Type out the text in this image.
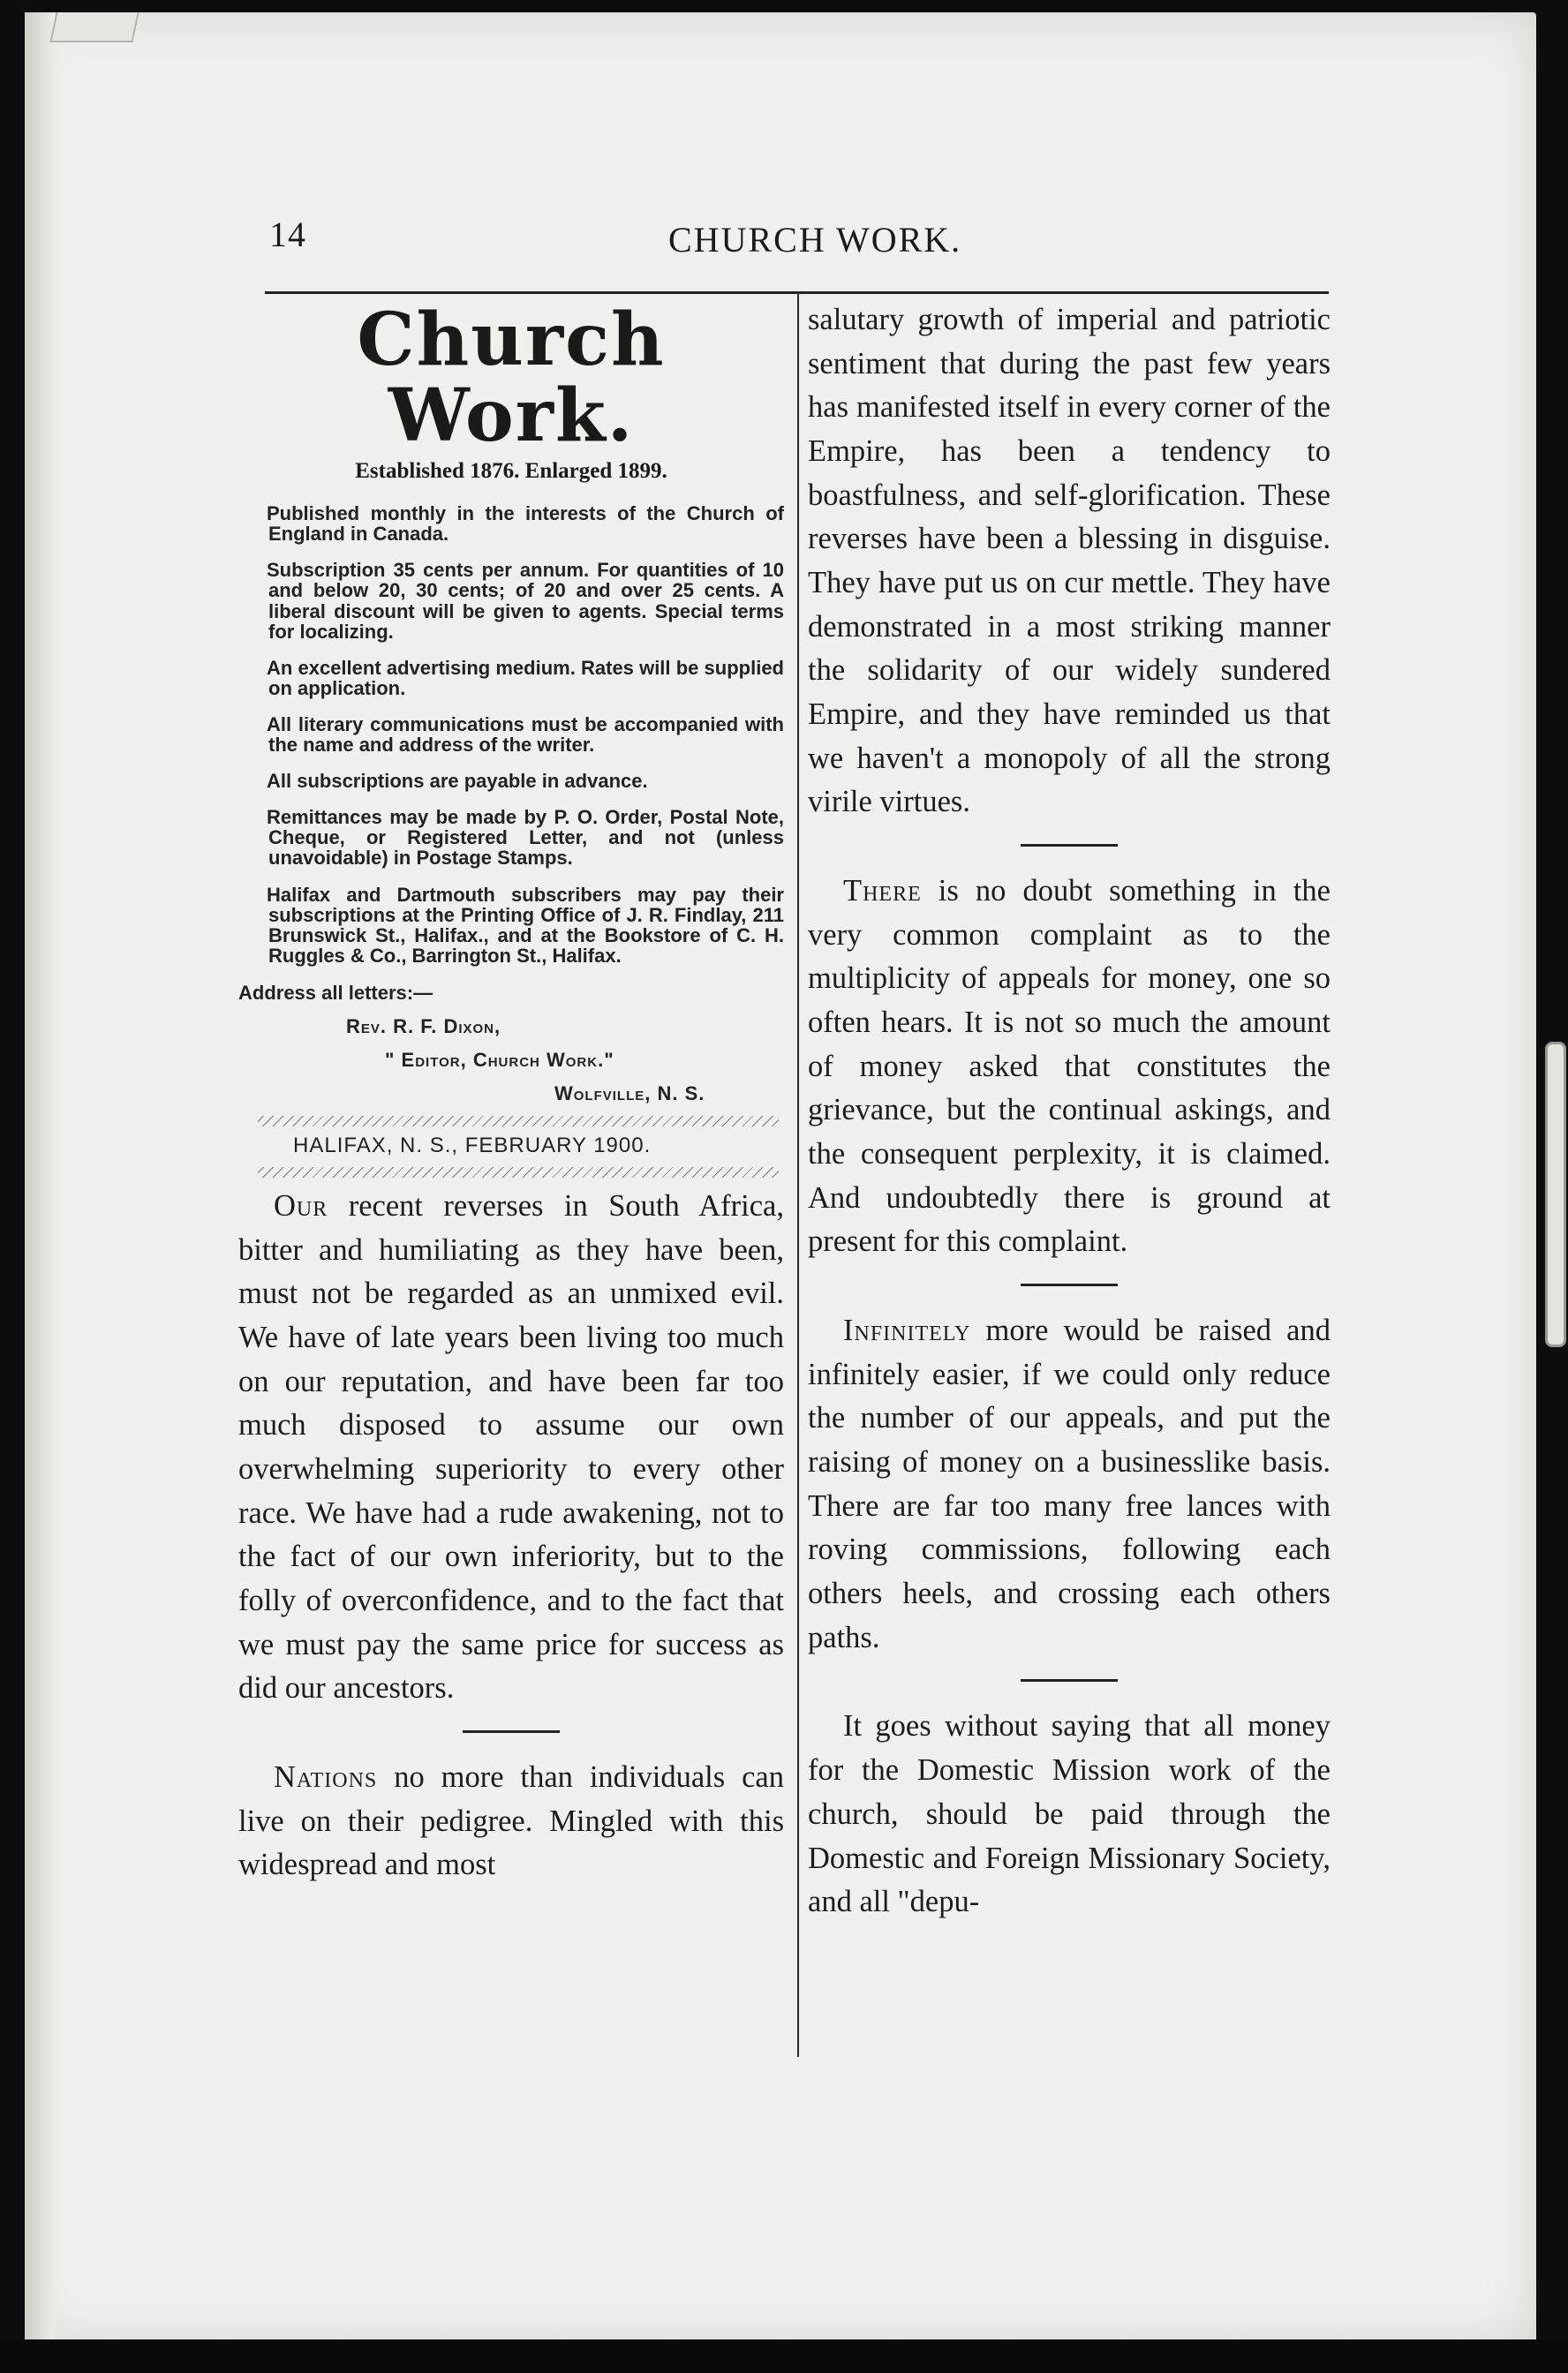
14	CHURCH WORK.
Church Work.
Established 1876. Enlarged 1899.

Published monthly in the interests of the Church of England in Canada.

Subscription 35 cents per annum. For quantities of 10 and below 20, 30 cents; of 20 and over 25 cents. A liberal discount will be given to agents. Special terms for localizing.

An excellent advertising medium. Rates will be supplied on application.

All literary communications must be accompanied with the name and address of the writer.

All subscriptions are payable in advance.

Remittances may be made by P. O. Order, Postal Note, Cheque, or Registered Letter, and not (unless unavoidable) in Postage Stamps.

Halifax and Dartmouth subscribers may pay their subscriptions at the Printing Office of J. R. Findlay, 211 Brunswick St., Halifax., and at the Bookstore of C. H. Ruggles & Co., Barrington St., Halifax.

Address all letters:—
Rev. R. F. Dixon,
" Editor, Church Work."
Wolfville, N. S.
HALIFAX, N. S., FEBRUARY 1900.

Our recent reverses in South Africa, bitter and humiliating as they have been, must not be regarded as an unmixed evil. We have of late years been living too much on our reputation, and have been far too much disposed to assume our own overwhelming superiority to every other race. We have had a rude awakening, not to the fact of our own inferiority, but to the folly of overconfidence, and to the fact that we must pay the same price for success as did our ancestors.

Nations no more than individuals can live on their pedigree. Mingled with this widespread and most

salutary growth of imperial and patriotic sentiment that during the past few years has manifested itself in every corner of the Empire, has been a tendency to boastfulness, and self-glorification. These reverses have been a blessing in disguise. They have put us on cur mettle. They have demonstrated in a most striking manner the solidarity of our widely sundered Empire, and they have reminded us that we haven't a monopoly of all the strong virile virtues.

There is no doubt something in the very common complaint as to the multiplicity of appeals for money, one so often hears. It is not so much the amount of money asked that constitutes the grievance, but the continual askings, and the consequent perplexity, it is claimed. And undoubtedly there is ground at present for this complaint.

Infinitely more would be raised and infinitely easier, if we could only reduce the number of our appeals, and put the raising of money on a businesslike basis. There are far too many free lances with roving commissions, following each others heels, and crossing each others paths.

It goes without saying that all money for the Domestic Mission work of the church, should be paid through the Domestic and Foreign Missionary Society, and all "depu-
